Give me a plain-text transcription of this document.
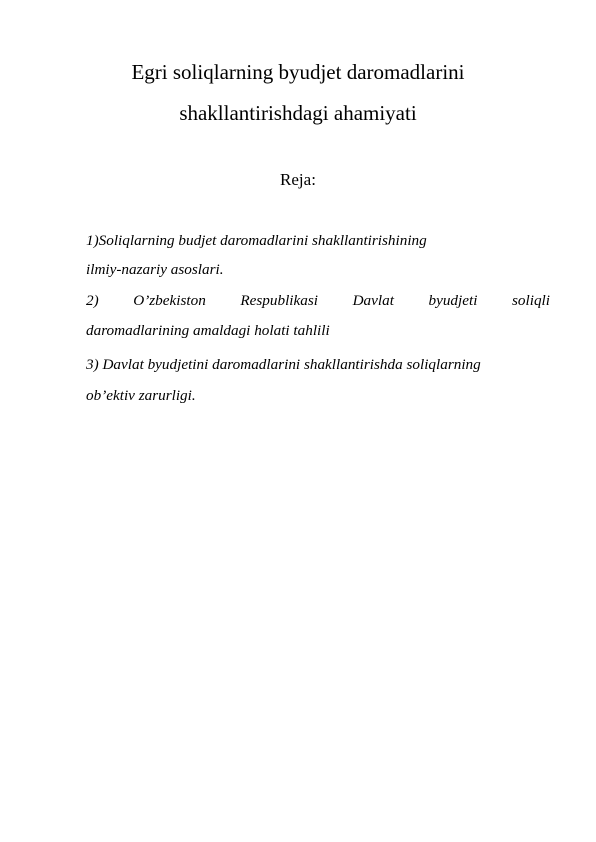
Egri soliqlarning byudjet daromadlarini
shakllantirishdagi ahamiyati
Reja:
1)Soliqlarning budjet daromadlarini shakllantirishining
ilmiy-nazariy asoslari.
2) O’zbekiston Respublikasi Davlat byudjeti soliqli
daromadlarining amaldagi holati tahlili
3) Davlat byudjetini daromadlarini shakllantirishda soliqlarning
ob’ektiv zarurligi.
